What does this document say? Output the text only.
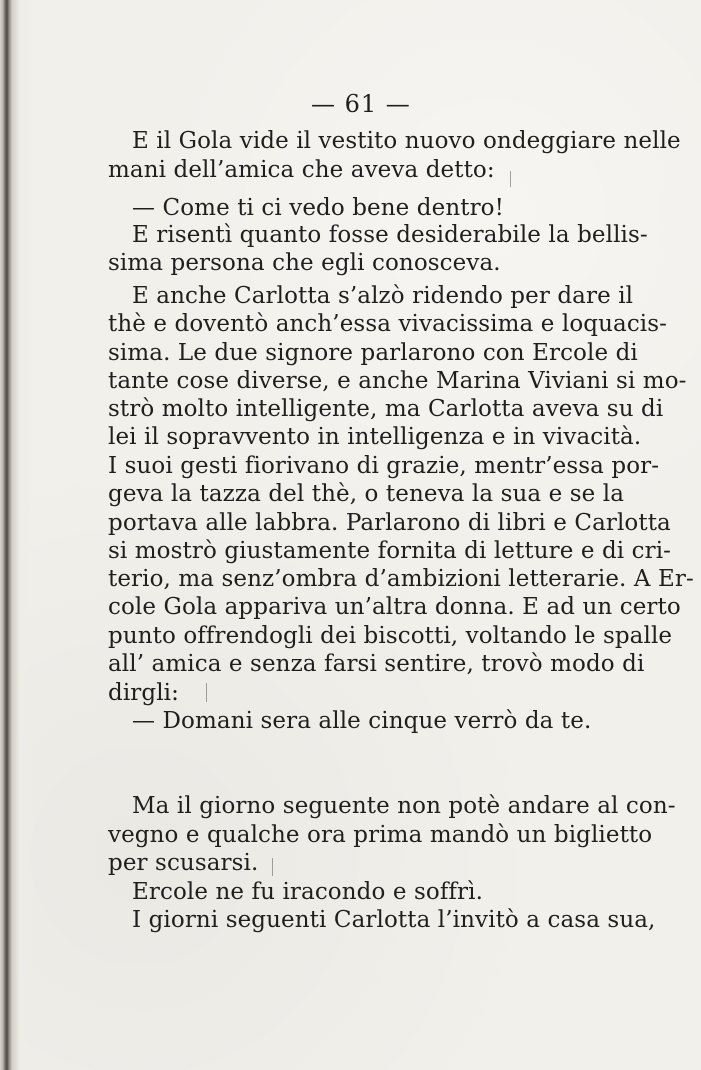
— 61 —
E il Gola vide il vestito nuovo ondeggiare nelle
mani dell’amica che aveva detto:
— Come ti ci vedo bene dentro!
E risentì quanto fosse desiderabile la bellis-
sima persona che egli conosceva.
E anche Carlotta s’alzò ridendo per dare il
thè e doventò anch’essa vivacissima e loquacis-
sima. Le due signore parlarono con Ercole di
tante cose diverse, e anche Marina Viviani si mo-
strò molto intelligente, ma Carlotta aveva su di
lei il sopravvento in intelligenza e in vivacità.
I suoi gesti fiorivano di grazie, mentr’essa por-
geva la tazza del thè, o teneva la sua e se la
portava alle labbra. Parlarono di libri e Carlotta
si mostrò giustamente fornita di letture e di cri-
terio, ma senz’ombra d’ambizioni letterarie. A Er-
cole Gola appariva un’altra donna. E ad un certo
punto offrendogli dei biscotti, voltando le spalle
all’ amica e senza farsi sentire, trovò modo di
dirgli:
— Domani sera alle cinque verrò da te.
Ma il giorno seguente non potè andare al con-
vegno e qualche ora prima mandò un biglietto
per scusarsi.
Ercole ne fu iracondo e soffrì.
I giorni seguenti Carlotta l’invitò a casa sua,
